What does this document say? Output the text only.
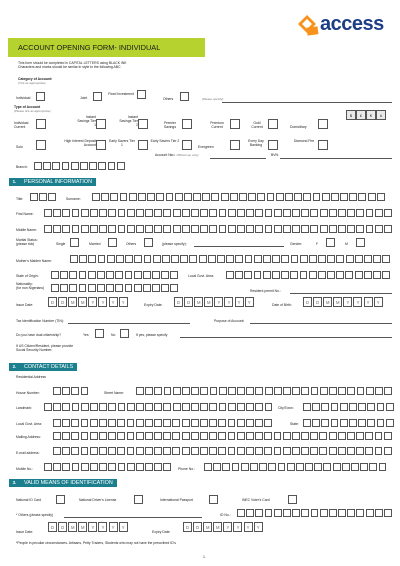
access
ACCOUNT OPENING FORM- INDIVIDUAL
This form should be completed in CAPITAL LETTERS using BLACK INK
Characters and marks should be similar in style to the following ABC
Category of Account:
(Tick as appropriate)
Individual	Joint
Fixed Investment
Others	(Please specify)
Type of Account
(Please tick as appropriate)
Individual Current
Instant Savings Tier
Instant Savings Tier
Premier Savings
Premium Current
Gold Current	Domiciliary
$	£	€	¢
Solo
High Interest Deposit Account
Early Savers Tier 1
Early Savers Tier 2
Evergreen
Every Day Banking
Diamond Fire
Account No:
(For Official use only)	BVN:
Branch:
1.	PERSONAL INFORMATION
Title:	Surname:
First Name:
Middle Name:
Marital Status:
(please tick)	Single	Married	Others	(please specify):	Gender:	F	M
Mother's Maiden Name:
State of Origin:	Local Govt. Area:
Nationality:
(for non Nigerians)
Resident permit No.:
Issue Date:	D	D	M	M	Y	Y	Y	Y	Expiry Date:	D	D	M	M	Y	Y	Y	Y	Date of Birth:	D	D	M	M	Y	Y	Y	Y
Tax Identification Number (TIN):	Purpose of Account:
Do you have dual citizenship?	Yes	No	If yes, please specify
If US Citizen/Resident, please provide
Social Security Number:
2.	CONTACT DETAILS
Residential Address
House Number:	Street Name:
Landmark:	City/Town:
Local Govt. Area:	State:
Mailing Address:
E-mail address:
Mobile No.:	Phone No.:
3.	VALID MEANS OF IDENTIFICATION
National ID Card	National Driver's License	International Passport	INEC Voter's Card
* Others (please specify)	ID No.:
Issue Date:
D	D	M	M	Y	Y	Y	Y
Expiry Date:
D	D	M	M	Y	Y	Y	Y
*People in peculiar circumstances- Artisans, Petty Traders, Students who may not have the prescribed ID's
1.
